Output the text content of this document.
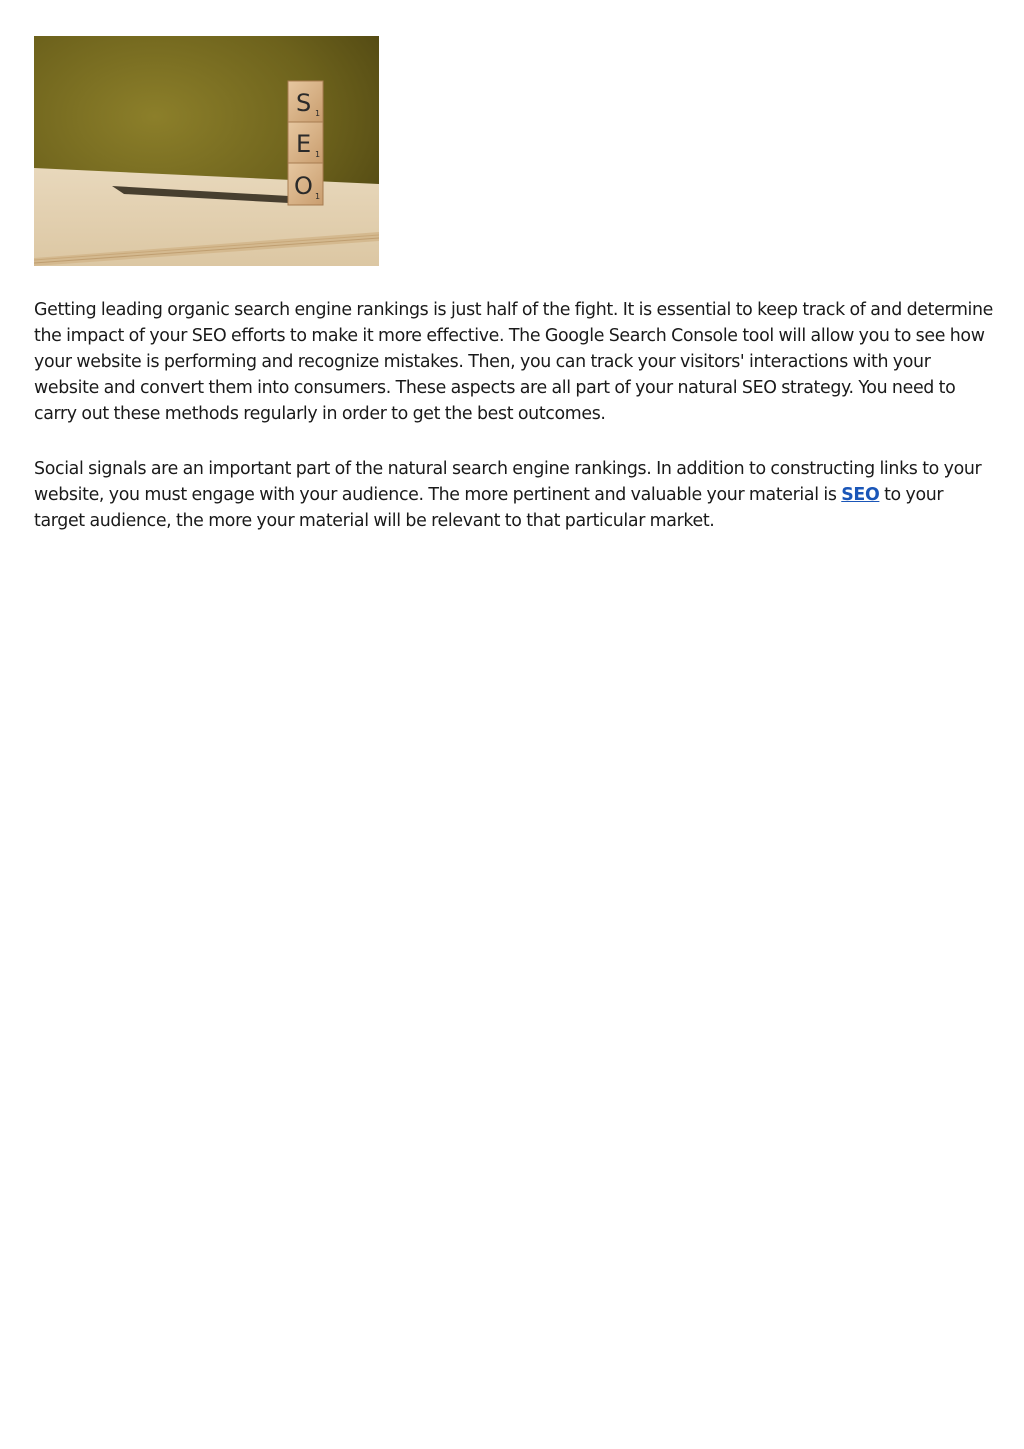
S 1
E 1
O 1

Getting leading organic search engine rankings is just half of the fight. It is essential to keep track of and determine the impact of your SEO efforts to make it more effective. The Google Search Console tool will allow you to see how your website is performing and recognize mistakes. Then, you can track your visitors' interactions with your website and convert them into consumers. These aspects are all part of your natural SEO strategy. You need to carry out these methods regularly in order to get the best outcomes.

Social signals are an important part of the natural search engine rankings. In addition to constructing links to your website, you must engage with your audience. The more pertinent and valuable your material is SEO to your target audience, the more your material will be relevant to that particular market.
